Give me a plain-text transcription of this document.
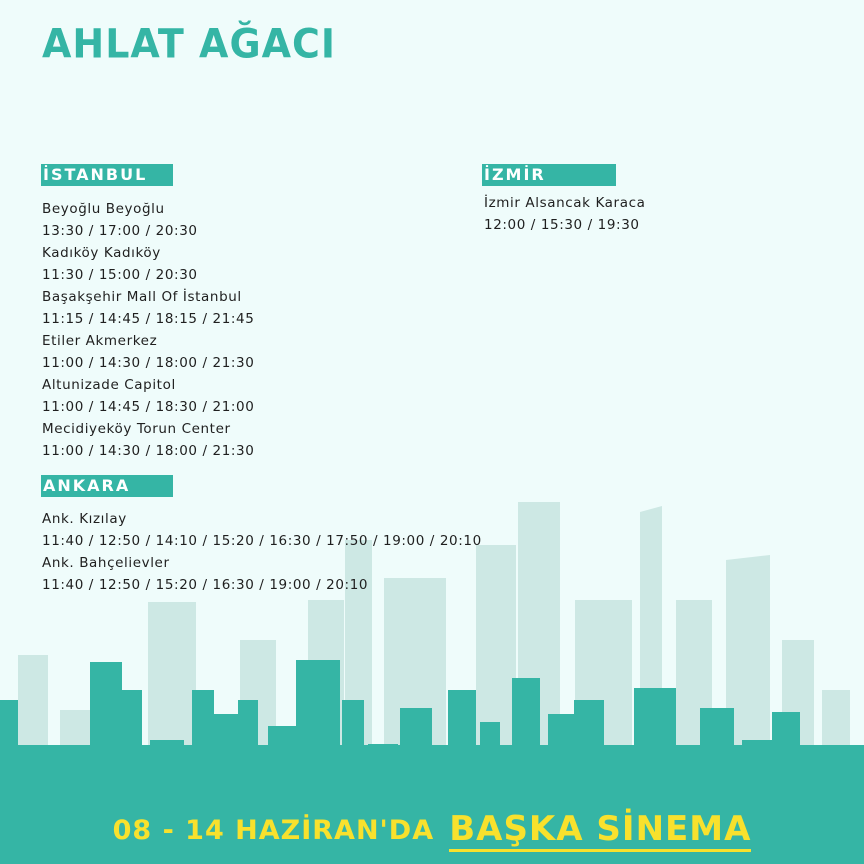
AHLAT AĞACI
İSTANBUL
Beyoğlu Beyoğlu
13:30 / 17:00 / 20:30
Kadıköy Kadıköy
11:30 / 15:00 / 20:30
Başakşehir Mall Of İstanbul
11:15 / 14:45 / 18:15 / 21:45
Etiler Akmerkez
11:00 / 14:30 / 18:00 / 21:30
Altunizade Capitol
11:00 / 14:45 / 18:30 / 21:00
Mecidiyeköy Torun Center
11:00 / 14:30 / 18:00 / 21:30
İZMİR
İzmir Alsancak Karaca
12:00 / 15:30 / 19:30
ANKARA
Ank. Kızılay
11:40 / 12:50 / 14:10 / 15:20 / 16:30 / 17:50 / 19:00 / 20:10
Ank. Bahçelievler
11:40 / 12:50 / 15:20 / 16:30 / 19:00 / 20:10
08 - 14 HAZİRAN'DA BAŞKA SİNEMA
